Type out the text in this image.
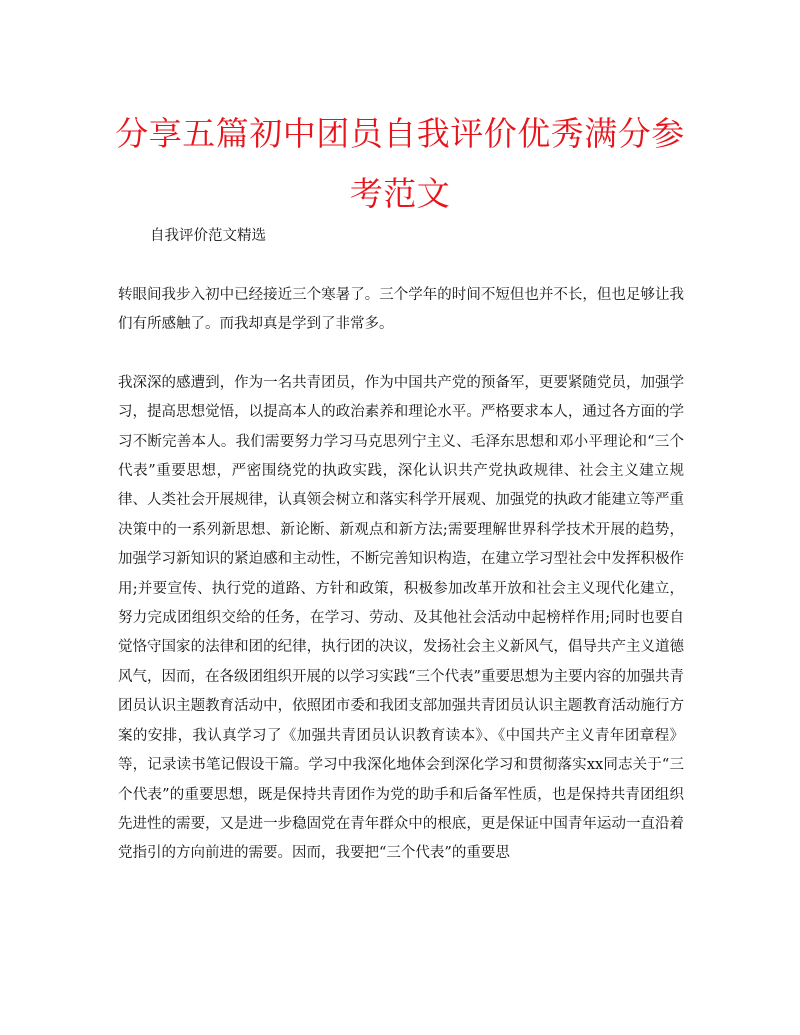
分享五篇初中团员自我评价优秀满分参考范文

自我评价范文精选

转眼间我步入初中已经接近三个寒暑了。三个学年的时间不短但也并不长，但也足够让我们有所感触了。而我却真是学到了非常多。

我深深的感遭到，作为一名共青团员，作为中国共产党的预备军，更要紧随党员，加强学习，提高思想觉悟，以提高本人的政治素养和理论水平。严格要求本人，通过各方面的学习不断完善本人。我们需要努力学习马克思列宁主义、毛泽东思想和邓小平理论和“三个代表”重要思想，严密围绕党的执政实践，深化认识共产党执政规律、社会主义建立规律、人类社会开展规律，认真领会树立和落实科学开展观、加强党的执政才能建立等严重决策中的一系列新思想、新论断、新观点和新方法;需要理解世界科学技术开展的趋势，加强学习新知识的紧迫感和主动性，不断完善知识构造，在建立学习型社会中发挥积极作用;并要宣传、执行党的道路、方针和政策，积极参加改革开放和社会主义现代化建立，努力完成团组织交给的任务，在学习、劳动、及其他社会活动中起榜样作用;同时也要自觉恪守国家的法律和团的纪律，执行团的决议，发扬社会主义新风气，倡导共产主义道德风气，因而，在各级团组织开展的以学习实践“三个代表”重要思想为主要内容的加强共青团员认识主题教育活动中，依照团市委和我团支部加强共青团员认识主题教育活动施行方案的安排，我认真学习了《加强共青团员认识教育读本》、《中国共产主义青年团章程》等，记录读书笔记假设干篇。学习中我深化地体会到深化学习和贯彻落实xx同志关于“三个代表”的重要思想，既是保持共青团作为党的助手和后备军性质，也是保持共青团组织先进性的需要，又是进一步稳固党在青年群众中的根底，更是保证中国青年运动一直沿着党指引的方向前进的需要。因而，我要把“三个代表”的重要思
